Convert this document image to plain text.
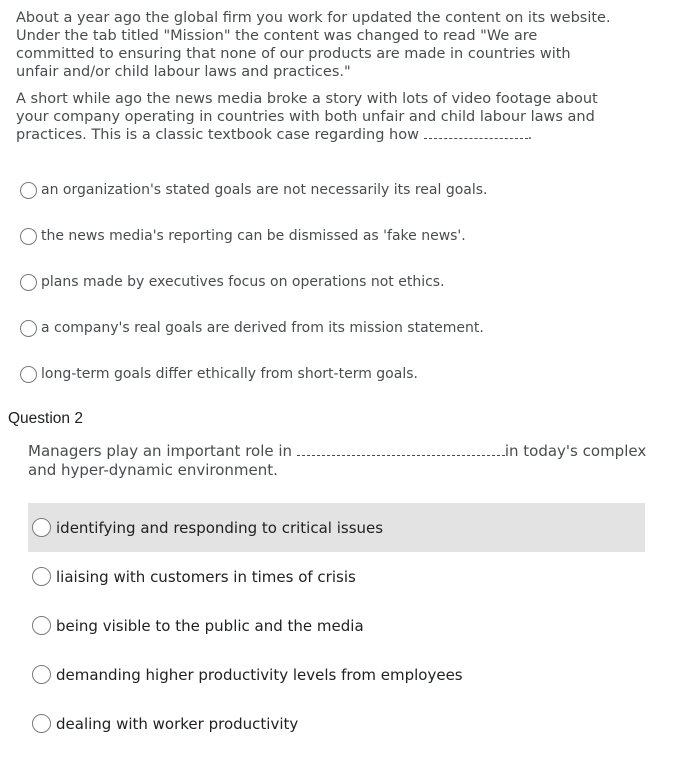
About a year ago the global firm you work for updated the content on its website. Under the tab titled "Mission" the content was changed to read "We are committed to ensuring that none of our products are made in countries with unfair and/or child labour laws and practices."

A short while ago the news media broke a story with lots of video footage about your company operating in countries with both unfair and child labour laws and practices. This is a classic textbook case regarding how	.

an organization's stated goals are not necessarily its real goals.
the news media's reporting can be dismissed as 'fake news'.
plans made by executives focus on operations not ethics.
a company's real goals are derived from its mission statement.
long-term goals differ ethically from short-term goals.
Question 2

Managers play an important role in	in today's complex

and hyper-dynamic environment.

identifying and responding to critical issues
liaising with customers in times of crisis
being visible to the public and the media
demanding higher productivity levels from employees
dealing with worker productivity
